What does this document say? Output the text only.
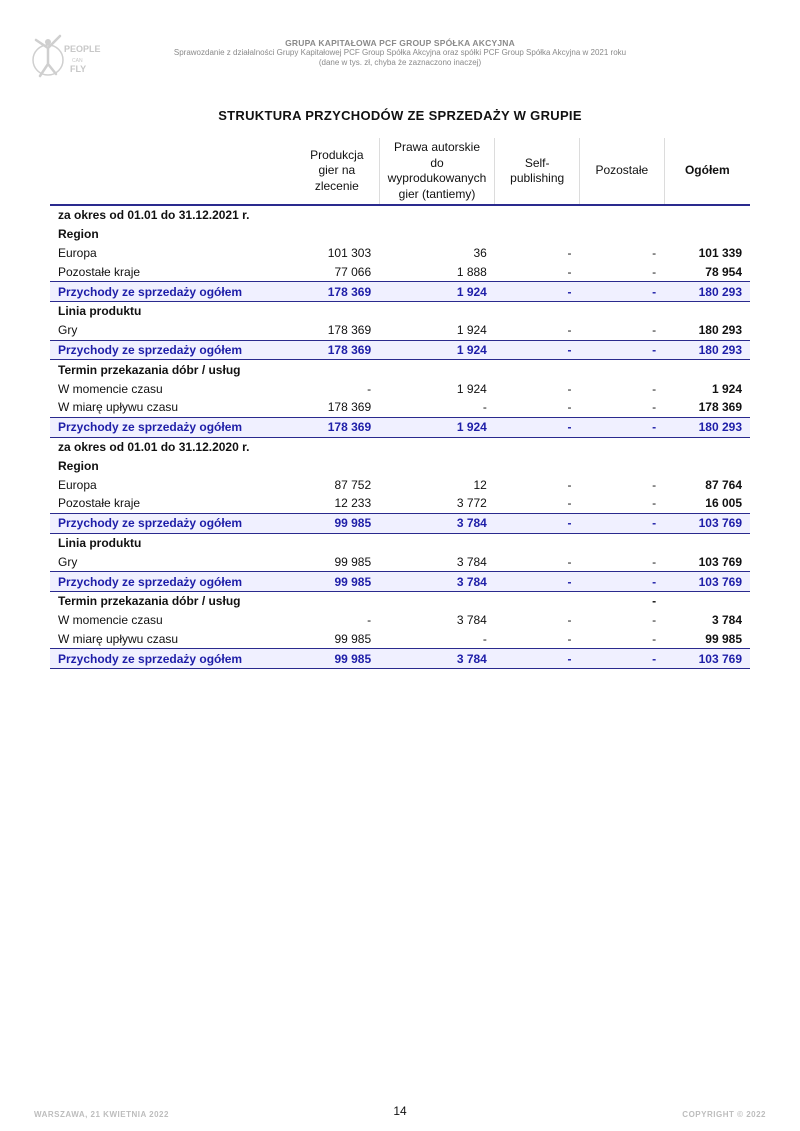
PEOPLE
CAN
FLY
GRUPA KAPITAŁOWA PCF GROUP SPÓŁKA AKCYJNA
Sprawozdanie z działalności Grupy Kapitałowej PCF Group Spółka Akcyjna oraz spółki PCF Group Spółka Akcyjna w 2021 roku
(dane w tys. zł, chyba że zaznaczono inaczej)
STRUKTURA PRZYCHODÓW ZE SPRZEDAŻY W GRUPIE
	Produkcja gier na zlecenie	Prawa autorskie do wyprodukowanych gier (tantiemy)	Self-publishing	Pozostałe	Ogółem
za okres od 01.01 do 31.12.2021 r.					
Region					
Europa	101 303	36	-	-	101 339
Pozostałe kraje	77 066	1 888	-	-	78 954
Przychody ze sprzedaży ogółem	178 369	1 924	-	-	180 293
Linia produktu					
Gry	178 369	1 924	-	-	180 293
Przychody ze sprzedaży ogółem	178 369	1 924	-	-	180 293
Termin przekazania dóbr / usług					
W momencie czasu	-	1 924	-	-	1 924
W miarę upływu czasu	178 369	-	-	-	178 369
Przychody ze sprzedaży ogółem	178 369	1 924	-	-	180 293
za okres od 01.01 do 31.12.2020 r.					
Region					
Europa	87 752	12	-	-	87 764
Pozostałe kraje	12 233	3 772	-	-	16 005
Przychody ze sprzedaży ogółem	99 985	3 784	-	-	103 769
Linia produktu					
Gry	99 985	3 784	-	-	103 769
Przychody ze sprzedaży ogółem	99 985	3 784	-	-	103 769
Termin przekazania dóbr / usług				-	
W momencie czasu	-	3 784	-	-	3 784
W miarę upływu czasu	99 985	-	-	-	99 985
Przychody ze sprzedaży ogółem	99 985	3 784	-	-	103 769
WARSZAWA, 21 KWIETNIA 2022	14	COPYRIGHT © 2022
